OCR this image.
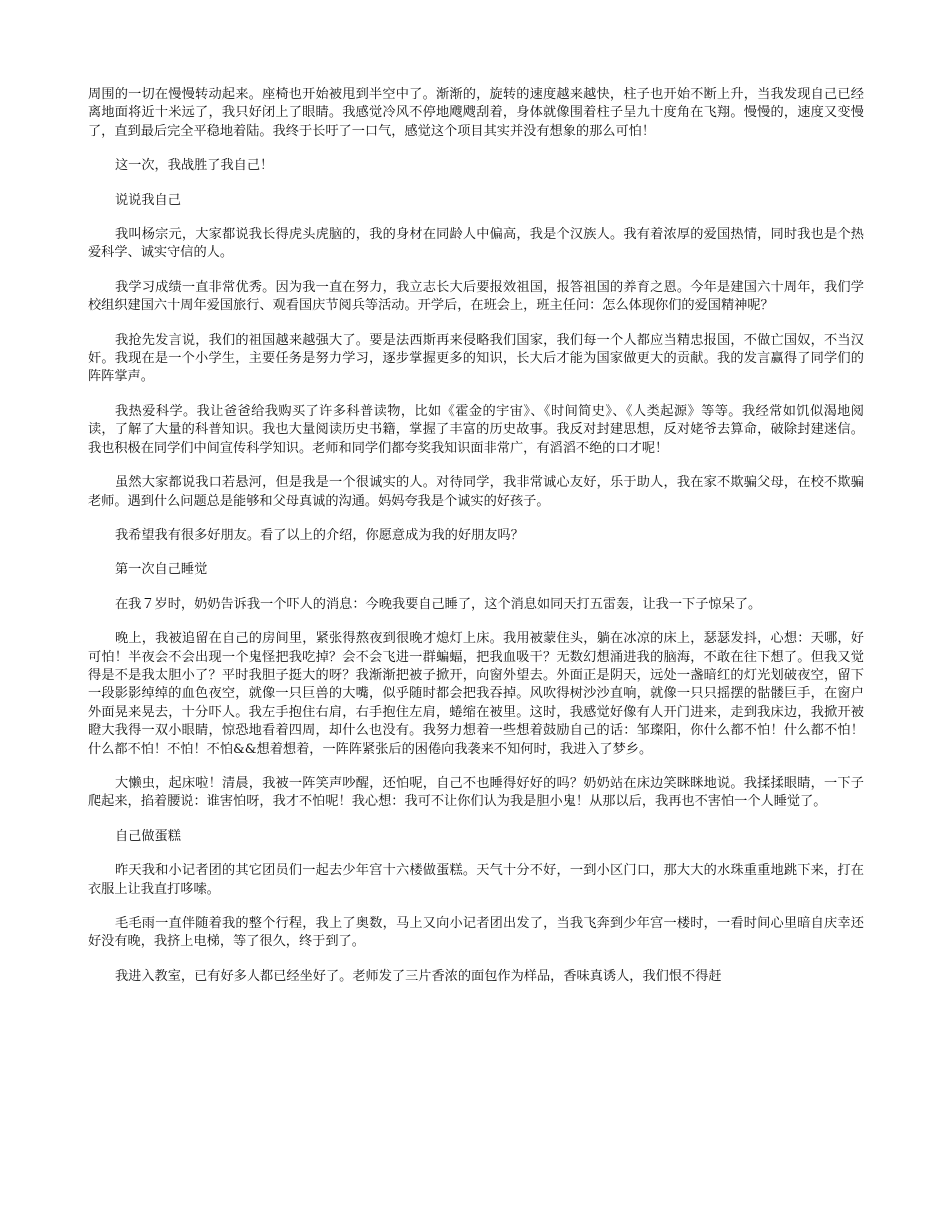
周围的一切在慢慢转动起来。座椅也开始被甩到半空中了。渐渐的，旋转的速度越来越快，柱子也开始不断上升，当我发现自己已经离地面将近十米远了，我只好闭上了眼睛。我感觉冷风不停地飕飕刮着，身体就像围着柱子呈九十度角在飞翔。慢慢的，速度又变慢了，直到最后完全平稳地着陆。我终于长吁了一口气，感觉这个项目其实并没有想象的那么可怕！

这一次，我战胜了我自己！

说说我自己

我叫杨宗元，大家都说我长得虎头虎脑的，我的身材在同龄人中偏高，我是个汉族人。我有着浓厚的爱国热情，同时我也是个热爱科学、诚实守信的人。

我学习成绩一直非常优秀。因为我一直在努力，我立志长大后要报效祖国，报答祖国的养育之恩。今年是建国六十周年，我们学校组织建国六十周年爱国旅行、观看国庆节阅兵等活动。开学后，在班会上，班主任问：怎么体现你们的爱国精神呢？

我抢先发言说，我们的祖国越来越强大了。要是法西斯再来侵略我们国家，我们每一个人都应当精忠报国，不做亡国奴，不当汉奸。我现在是一个小学生，主要任务是努力学习，逐步掌握更多的知识，长大后才能为国家做更大的贡献。我的发言赢得了同学们的阵阵掌声。

我热爱科学。我让爸爸给我购买了许多科普读物，比如《霍金的宇宙》、《时间简史》、《人类起源》等等。我经常如饥似渴地阅读，了解了大量的科普知识。我也大量阅读历史书籍，掌握了丰富的历史故事。我反对封建思想，反对姥爷去算命，破除封建迷信。我也积极在同学们中间宣传科学知识。老师和同学们都夸奖我知识面非常广，有滔滔不绝的口才呢！

虽然大家都说我口若悬河，但是我是一个很诚实的人。对待同学，我非常诚心友好，乐于助人，我在家不欺骗父母，在校不欺骗老师。遇到什么问题总是能够和父母真诚的沟通。妈妈夸我是个诚实的好孩子。

我希望我有很多好朋友。看了以上的介绍，你愿意成为我的好朋友吗？

第一次自己睡觉

在我７岁时，奶奶告诉我一个吓人的消息：今晚我要自己睡了，这个消息如同天打五雷轰，让我一下子惊呆了。

晚上，我被追留在自己的房间里，紧张得熬夜到很晚才熄灯上床。我用被蒙住头，躺在冰凉的床上，瑟瑟发抖，心想：天哪，好可怕！半夜会不会出现一个鬼怪把我吃掉？会不会飞进一群蝙蝠，把我血吸干？无数幻想涌进我的脑海，不敢在往下想了。但我又觉得是不是我太胆小了？平时我胆子挺大的呀？我渐渐把被子掀开，向窗外望去。外面正是阴天，远处一盏暗红的灯光划破夜空，留下一段影影绰绰的血色夜空，就像一只巨兽的大嘴，似乎随时都会把我吞掉。风吹得树沙沙直响，就像一只只摇摆的骷髅巨手，在窗户外面晃来晃去，十分吓人。我左手抱住右肩，右手抱住左肩，蜷缩在被里。这时，我感觉好像有人开门进来，走到我床边，我掀开被瞪大我得一双小眼睛，惊恐地看着四周，却什么也没有。我努力想着一些想着鼓励自己的话：邹璨阳，你什么都不怕！什么都不怕！什么都不怕！不怕！不怕&&想着想着，一阵阵紧张后的困倦向我袭来不知何时，我进入了梦乡。

大懒虫，起床啦！清晨，我被一阵笑声吵醒，还怕呢，自己不也睡得好好的吗？奶奶站在床边笑眯眯地说。我揉揉眼睛，一下子爬起来，掐着腰说：谁害怕呀，我才不怕呢！我心想：我可不让你们认为我是胆小鬼！从那以后，我再也不害怕一个人睡觉了。

自己做蛋糕

昨天我和小记者团的其它团员们一起去少年宫十六楼做蛋糕。天气十分不好，一到小区门口，那大大的水珠重重地跳下来，打在衣服上让我直打哆嗦。

毛毛雨一直伴随着我的整个行程，我上了奥数，马上又向小记者团出发了，当我飞奔到少年宫一楼时，一看时间心里暗自庆幸还好没有晚，我挤上电梯，等了很久，终于到了。

我进入教室，已有好多人都已经坐好了。老师发了三片香浓的面包作为样品，香味真诱人，我们恨不得赶
